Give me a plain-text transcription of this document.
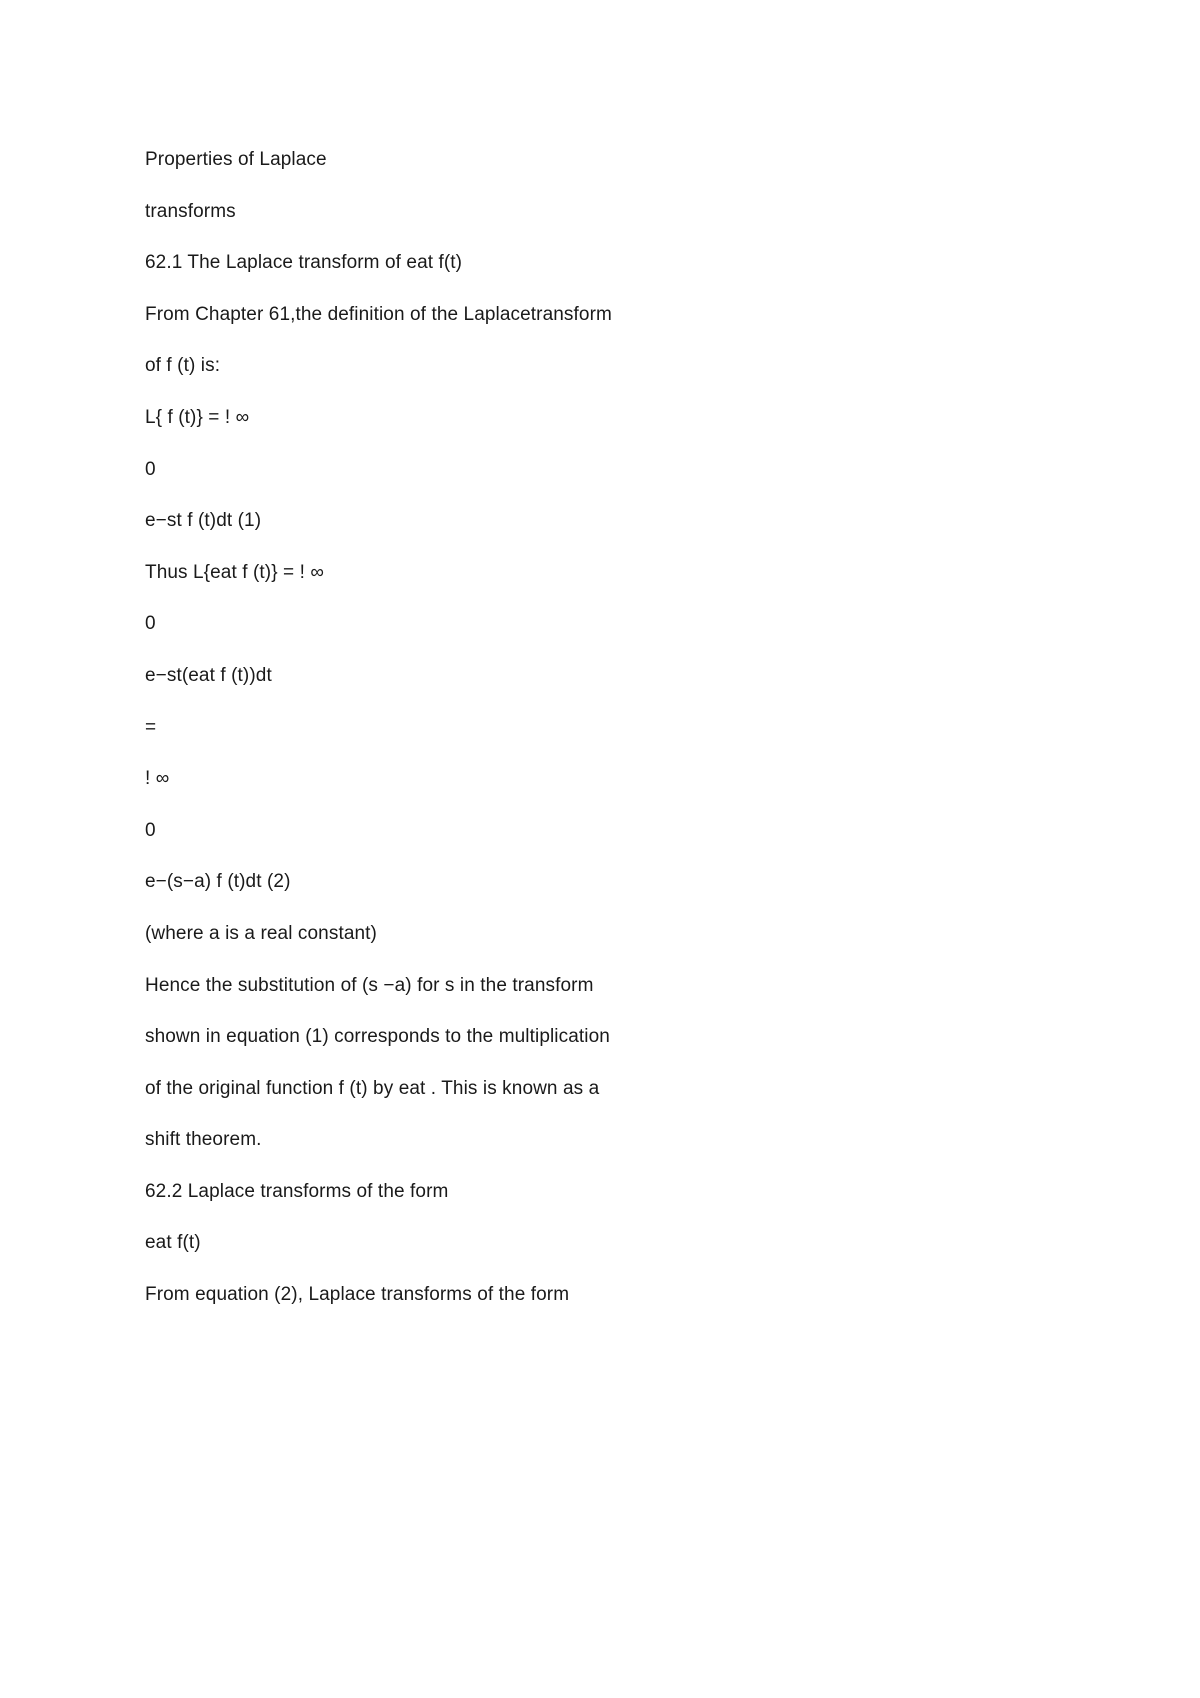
Properties of Laplace
transforms
62.1 The Laplace transform of eat f(t)
From Chapter 61,the definition of the Laplacetransform
of f (t) is:
L{ f (t)} = ! ∞
0
e−st f (t)dt (1)
Thus L{eat f (t)} = ! ∞
0
e−st(eat f (t))dt
=
! ∞
0
e−(s−a) f (t)dt (2)
(where a is a real constant)
Hence the substitution of (s −a) for s in the transform
shown in equation (1) corresponds to the multiplication
of the original function f (t) by eat . This is known as a
shift theorem.
62.2 Laplace transforms of the form
eat f(t)
From equation (2), Laplace transforms of the form
